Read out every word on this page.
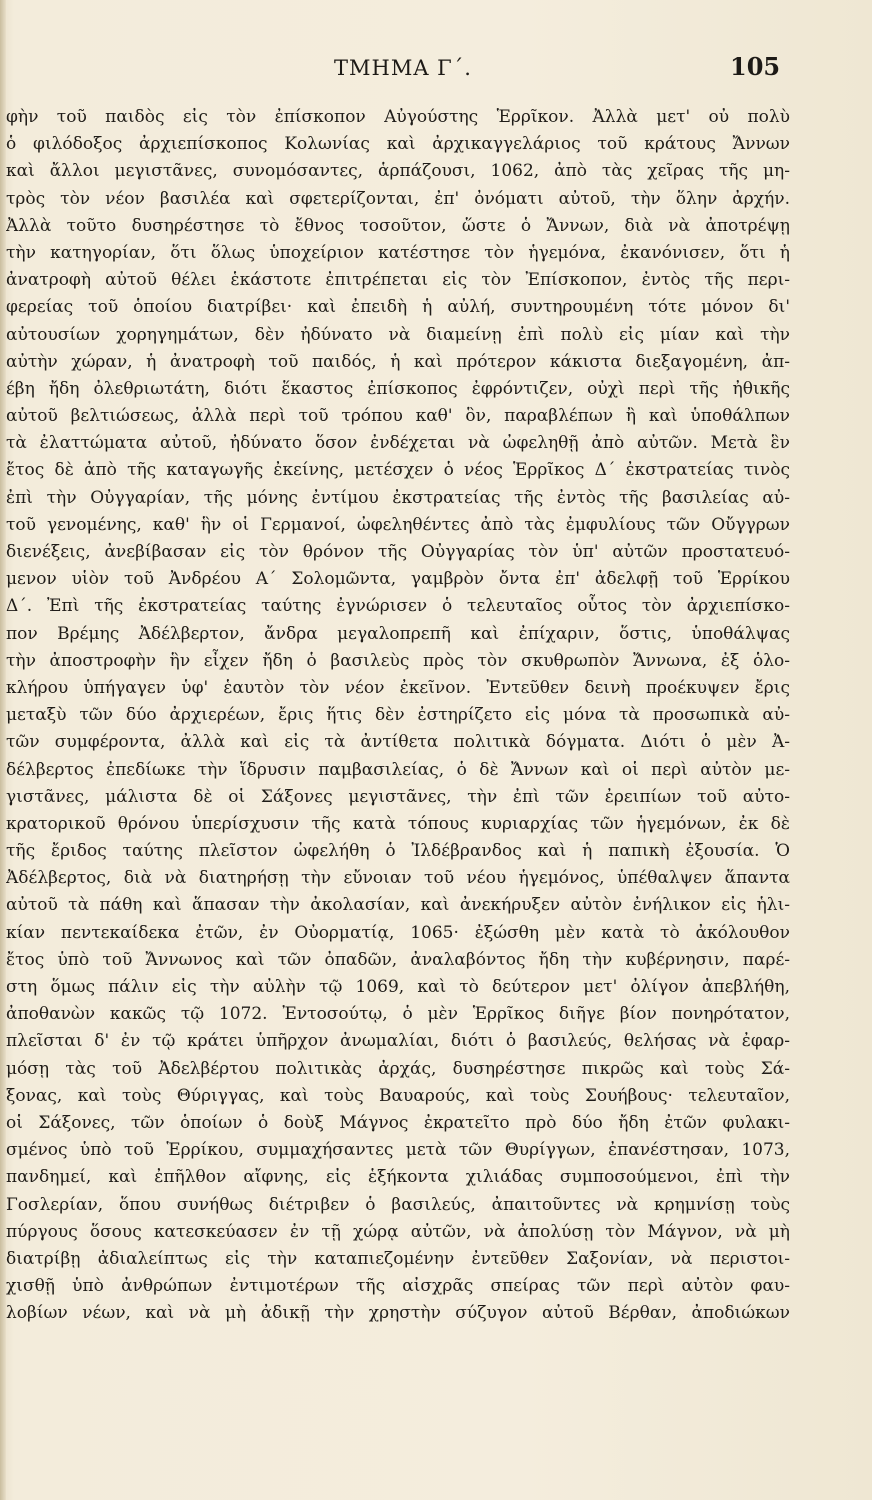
ΤΜΗΜΑ Γ΄.	105
φὴν τοῦ παιδὸς εἰς τὸν ἐπίσκοπον Αὐγούστης Ἑρρῖκον. Ἀλλὰ μετ' οὐ πολὺ
ὁ φιλόδοξος ἀρχιεπίσκοπος Κολωνίας καὶ ἀρχικαγγελάριος τοῦ κράτους Ἄννων
καὶ ἄλλοι μεγιστᾶνες, συνομόσαντες, ἁρπάζουσι, 1062, ἀπὸ τὰς χεῖρας τῆς μη-
τρὸς τὸν νέον βασιλέα καὶ σφετερίζονται, ἐπ' ὀνόματι αὐτοῦ, τὴν ὅλην ἀρχήν.
Ἀλλὰ τοῦτο δυσηρέστησε τὸ ἔθνος τοσοῦτον, ὥστε ὁ Ἄννων, διὰ νὰ ἀποτρέψῃ
τὴν κατηγορίαν, ὅτι ὅλως ὑποχείριον κατέστησε τὸν ἡγεμόνα, ἐκανόνισεν, ὅτι ἡ
ἀνατροφὴ αὐτοῦ θέλει ἑκάστοτε ἐπιτρέπεται εἰς τὸν Ἐπίσκοπον, ἐντὸς τῆς περι-
φερείας τοῦ ὁποίου διατρίβει· καὶ ἐπειδὴ ἡ αὐλή, συντηρουμένη τότε μόνον δι'
αὐτουσίων χορηγημάτων, δὲν ἠδύνατο νὰ διαμείνῃ ἐπὶ πολὺ εἰς μίαν καὶ τὴν
αὐτὴν χώραν, ἡ ἀνατροφὴ τοῦ παιδός, ἡ καὶ πρότερον κάκιστα διεξαγομένη, ἀπ-
έβη ἤδη ὀλεθριωτάτη, διότι ἕκαστος ἐπίσκοπος ἐφρόντιζεν, οὐχὶ περὶ τῆς ἠθικῆς
αὐτοῦ βελτιώσεως, ἀλλὰ περὶ τοῦ τρόπου καθ' ὃν, παραβλέπων ἢ καὶ ὑποθάλπων
τὰ ἐλαττώματα αὐτοῦ, ἠδύνατο ὅσον ἐνδέχεται νὰ ὠφεληθῇ ἀπὸ αὐτῶν. Μετὰ ἓν
ἔτος δὲ ἀπὸ τῆς καταγωγῆς ἐκείνης, μετέσχεν ὁ νέος Ἑρρῖκος Δ΄ ἐκστρατείας τινὸς
ἐπὶ τὴν Οὐγγαρίαν, τῆς μόνης ἐντίμου ἐκστρατείας τῆς ἐντὸς τῆς βασιλείας αὐ-
τοῦ γενομένης, καθ' ἣν οἱ Γερμανοί, ὠφεληθέντες ἀπὸ τὰς ἐμφυλίους τῶν Οὔγγρων
διενέξεις, ἀνεβίβασαν εἰς τὸν θρόνον τῆς Οὐγγαρίας τὸν ὑπ' αὐτῶν προστατευό-
μενον υἱὸν τοῦ Ἀνδρέου Α΄ Σολομῶντα, γαμβρὸν ὄντα ἐπ' ἀδελφῇ τοῦ Ἑρρίκου
Δ΄. Ἐπὶ τῆς ἐκστρατείας ταύτης ἐγνώρισεν ὁ τελευταῖος οὗτος τὸν ἀρχιεπίσκο-
πον Βρέμης Ἀδέλβερτον, ἄνδρα μεγαλοπρεπῆ καὶ ἐπίχαριν, ὅστις, ὑποθάλψας
τὴν ἀποστροφὴν ἣν εἶχεν ἤδη ὁ βασιλεὺς πρὸς τὸν σκυθρωπὸν Ἄννωνα, ἐξ ὁλο-
κλήρου ὑπήγαγεν ὑφ' ἑαυτὸν τὸν νέον ἐκεῖνον. Ἐντεῦθεν δεινὴ προέκυψεν ἔρις
μεταξὺ τῶν δύο ἀρχιερέων, ἔρις ἥτις δὲν ἐστηρίζετο εἰς μόνα τὰ προσωπικὰ αὐ-
τῶν συμφέροντα, ἀλλὰ καὶ εἰς τὰ ἀντίθετα πολιτικὰ δόγματα. Διότι ὁ μὲν Ἀ-
δέλβερτος ἐπεδίωκε τὴν ἵδρυσιν παμβασιλείας, ὁ δὲ Ἄννων καὶ οἱ περὶ αὐτὸν με-
γιστᾶνες, μάλιστα δὲ οἱ Σάξονες μεγιστᾶνες, τὴν ἐπὶ τῶν ἐρειπίων τοῦ αὐτο-
κρατορικοῦ θρόνου ὑπερίσχυσιν τῆς κατὰ τόπους κυριαρχίας τῶν ἡγεμόνων, ἐκ δὲ
τῆς ἔριδος ταύτης πλεῖστον ὠφελήθη ὁ Ἰλδέβρανδος καὶ ἡ παπικὴ ἐξουσία. Ὁ
Ἀδέλβερτος, διὰ νὰ διατηρήσῃ τὴν εὔνοιαν τοῦ νέου ἡγεμόνος, ὑπέθαλψεν ἅπαντα
αὐτοῦ τὰ πάθη καὶ ἅπασαν τὴν ἀκολασίαν, καὶ ἀνεκήρυξεν αὐτὸν ἐνήλικον εἰς ἡλι-
κίαν πεντεκαίδεκα ἐτῶν, ἐν Οὐορματίᾳ, 1065· ἐξώσθη μὲν κατὰ τὸ ἀκόλουθον
ἔτος ὑπὸ τοῦ Ἄννωνος καὶ τῶν ὀπαδῶν, ἀναλαβόντος ἤδη τὴν κυβέρνησιν, παρέ-
στη ὅμως πάλιν εἰς τὴν αὐλὴν τῷ 1069, καὶ τὸ δεύτερον μετ' ὀλίγον ἀπεβλήθη,
ἀποθανὼν κακῶς τῷ 1072. Ἐντοσούτῳ, ὁ μὲν Ἑρρῖκος διῆγε βίον πονηρότατον,
πλεῖσται δ' ἐν τῷ κράτει ὑπῆρχον ἀνωμαλίαι, διότι ὁ βασιλεύς, θελήσας νὰ ἐφαρ-
μόσῃ τὰς τοῦ Ἀδελβέρτου πολιτικὰς ἀρχάς, δυσηρέστησε πικρῶς καὶ τοὺς Σά-
ξονας, καὶ τοὺς Θύριγγας, καὶ τοὺς Βαυαρούς, καὶ τοὺς Σουήβους· τελευταῖον,
οἱ Σάξονες, τῶν ὁποίων ὁ δοὺξ Μάγνος ἐκρατεῖτο πρὸ δύο ἤδη ἐτῶν φυλακι-
σμένος ὑπὸ τοῦ Ἑρρίκου, συμμαχήσαντες μετὰ τῶν Θυρίγγων, ἐπανέστησαν, 1073,
πανδημεί, καὶ ἐπῆλθον αἴφνης, εἰς ἑξήκοντα χιλιάδας συμποσούμενοι, ἐπὶ τὴν
Γοσλερίαν, ὅπου συνήθως διέτριβεν ὁ βασιλεύς, ἀπαιτοῦντες νὰ κρημνίσῃ τοὺς
πύργους ὅσους κατεσκεύασεν ἐν τῇ χώρᾳ αὐτῶν, νὰ ἀπολύσῃ τὸν Μάγνον, νὰ μὴ
διατρίβῃ ἀδιαλείπτως εἰς τὴν καταπιεζομένην ἐντεῦθεν Σαξονίαν, νὰ περιστοι-
χισθῇ ὑπὸ ἀνθρώπων ἐντιμοτέρων τῆς αἰσχρᾶς σπείρας τῶν περὶ αὐτὸν φαυ-
λοβίων νέων, καὶ νὰ μὴ ἀδικῇ τὴν χρηστὴν σύζυγον αὐτοῦ Βέρθαν, ἀποδιώκων
